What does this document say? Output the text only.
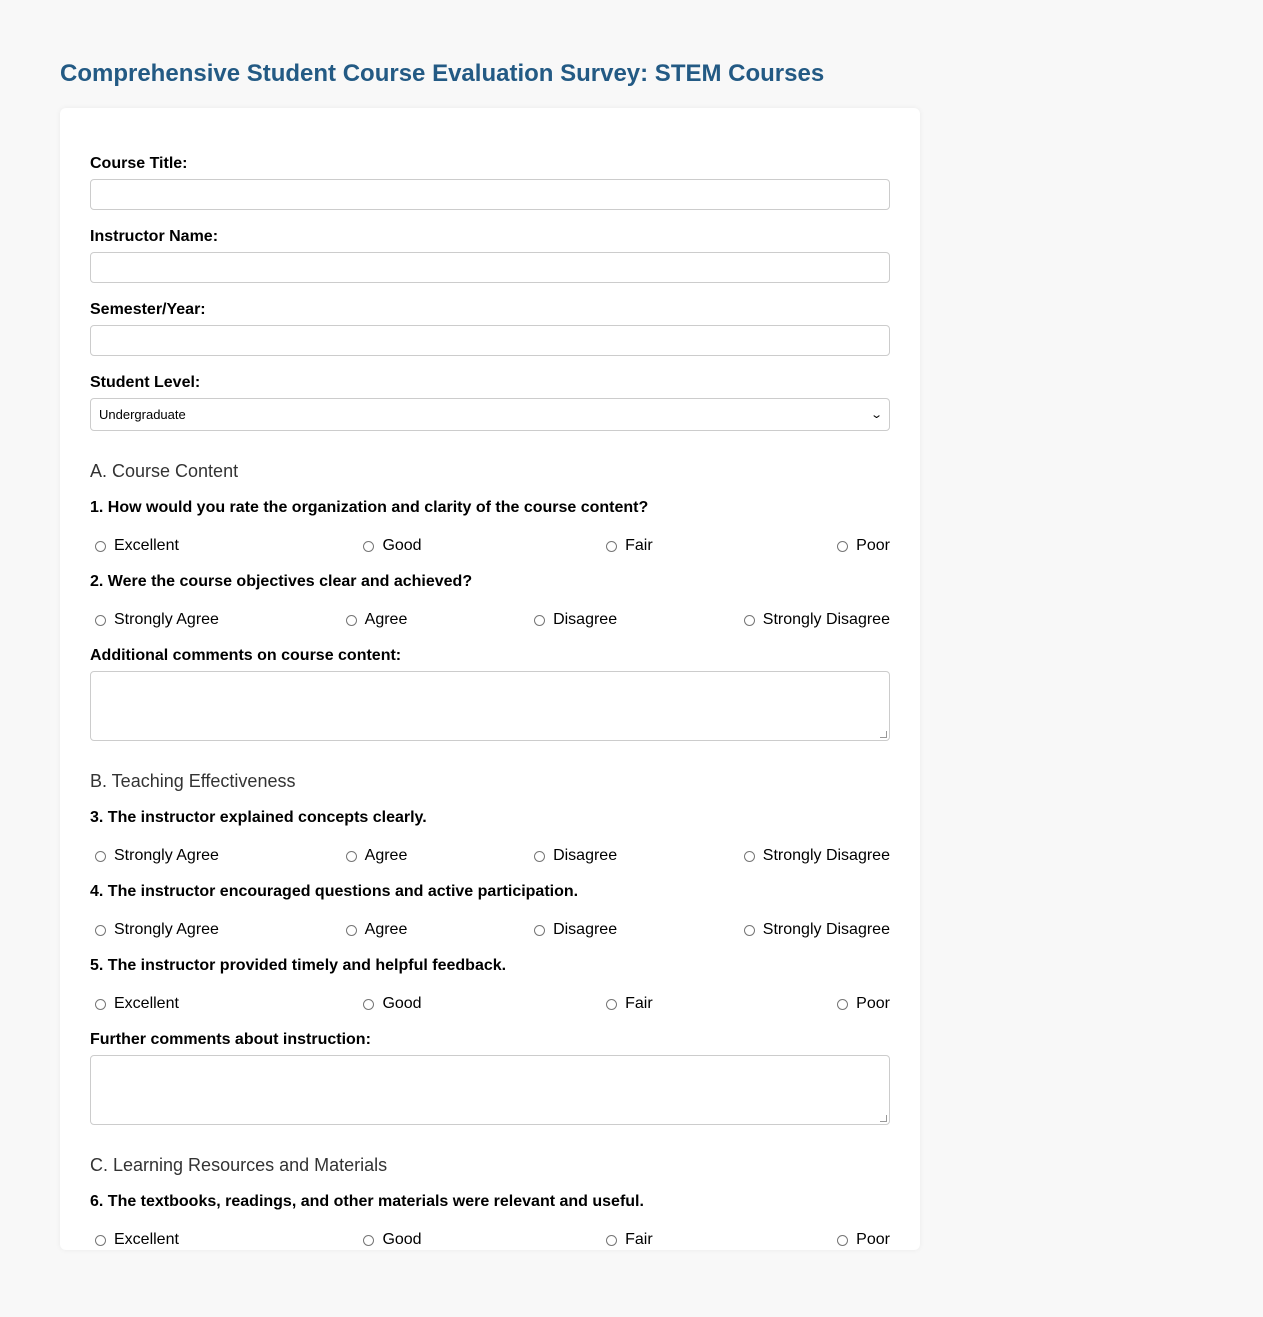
Comprehensive Student Course Evaluation Survey: STEM Courses
Course Title:
Instructor Name:
Semester/Year:
Student Level:
Undergraduate	⌄
A. Course Content
1. How would you rate the organization and clarity of the course content?
Excellent	Good	Fair	Poor
2. Were the course objectives clear and achieved?
Strongly Agree	Agree	Disagree	Strongly Disagree
Additional comments on course content:
B. Teaching Effectiveness
3. The instructor explained concepts clearly.
Strongly Agree	Agree	Disagree	Strongly Disagree
4. The instructor encouraged questions and active participation.
Strongly Agree	Agree	Disagree	Strongly Disagree
5. The instructor provided timely and helpful feedback.
Excellent	Good	Fair	Poor
Further comments about instruction:
C. Learning Resources and Materials
6. The textbooks, readings, and other materials were relevant and useful.
Excellent	Good	Fair	Poor
